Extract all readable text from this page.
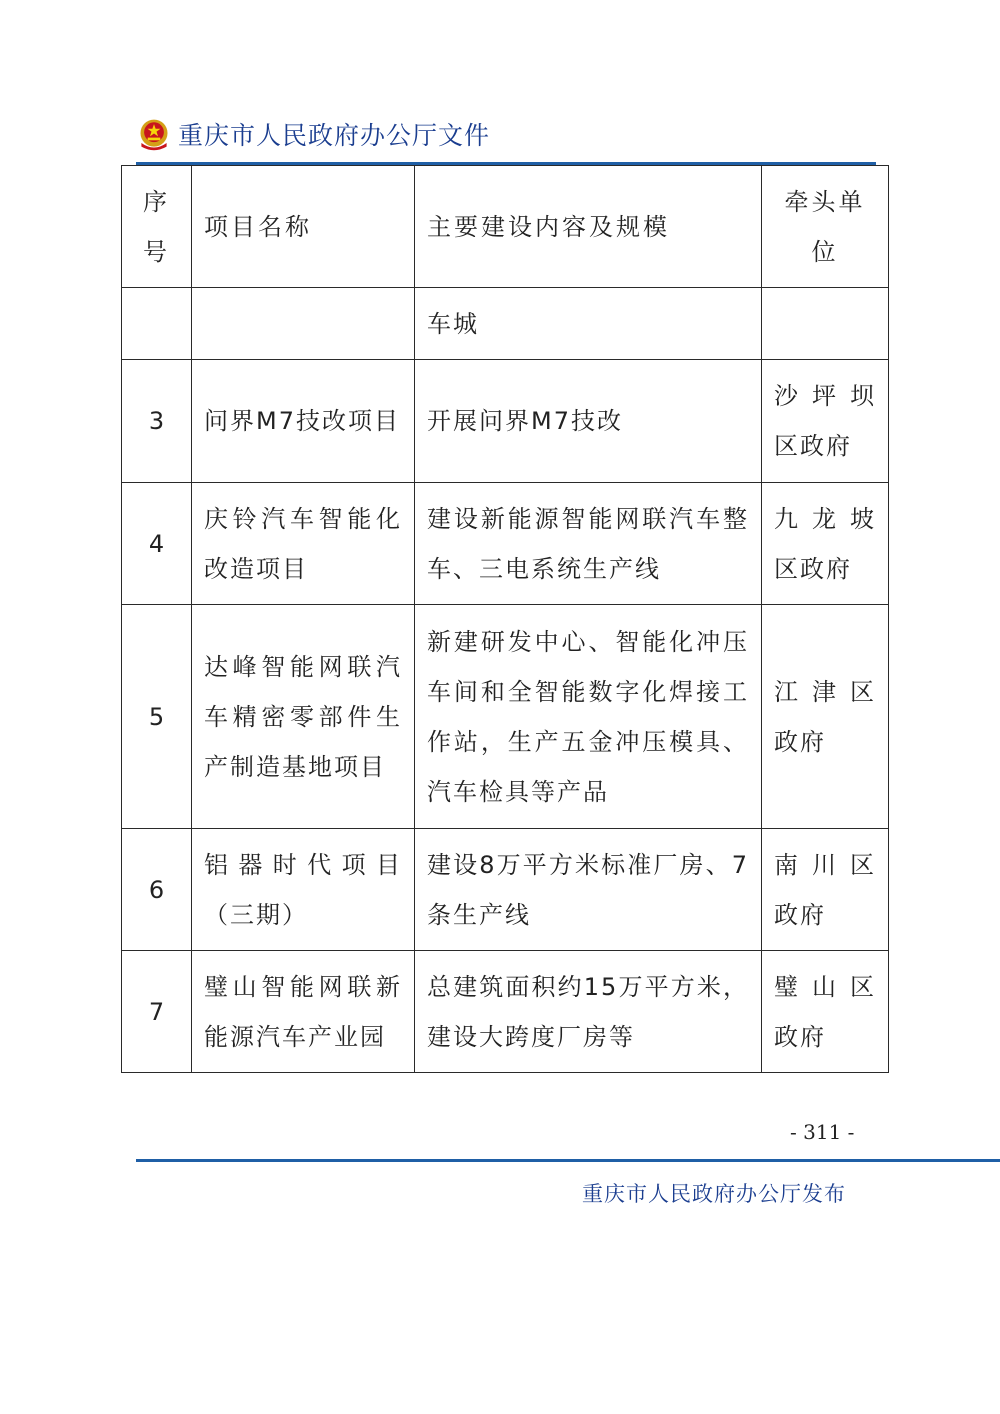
重庆市人民政府办公厅文件
序号	项目名称	主要建设内容及规模	牵头单位
		车城	
3	问界M7技改项目	开展问界M7技改	沙坪坝区政府
4	庆铃汽车智能化改造项目	建设新能源智能网联汽车整车、三电系统生产线	九龙坡区政府
5	达峰智能网联汽车精密零部件生产制造基地项目	新建研发中心、智能化冲压车间和全智能数字化焊接工作站，生产五金冲压模具、汽车检具等产品	江津区政府
6	铝器时代项目（三期）	建设8万平方米标准厂房、7条生产线	南川区政府
7	璧山智能网联新能源汽车产业园	总建筑面积约15万平方米，建设大跨度厂房等	璧山区政府
- 311 -
重庆市人民政府办公厅发布
